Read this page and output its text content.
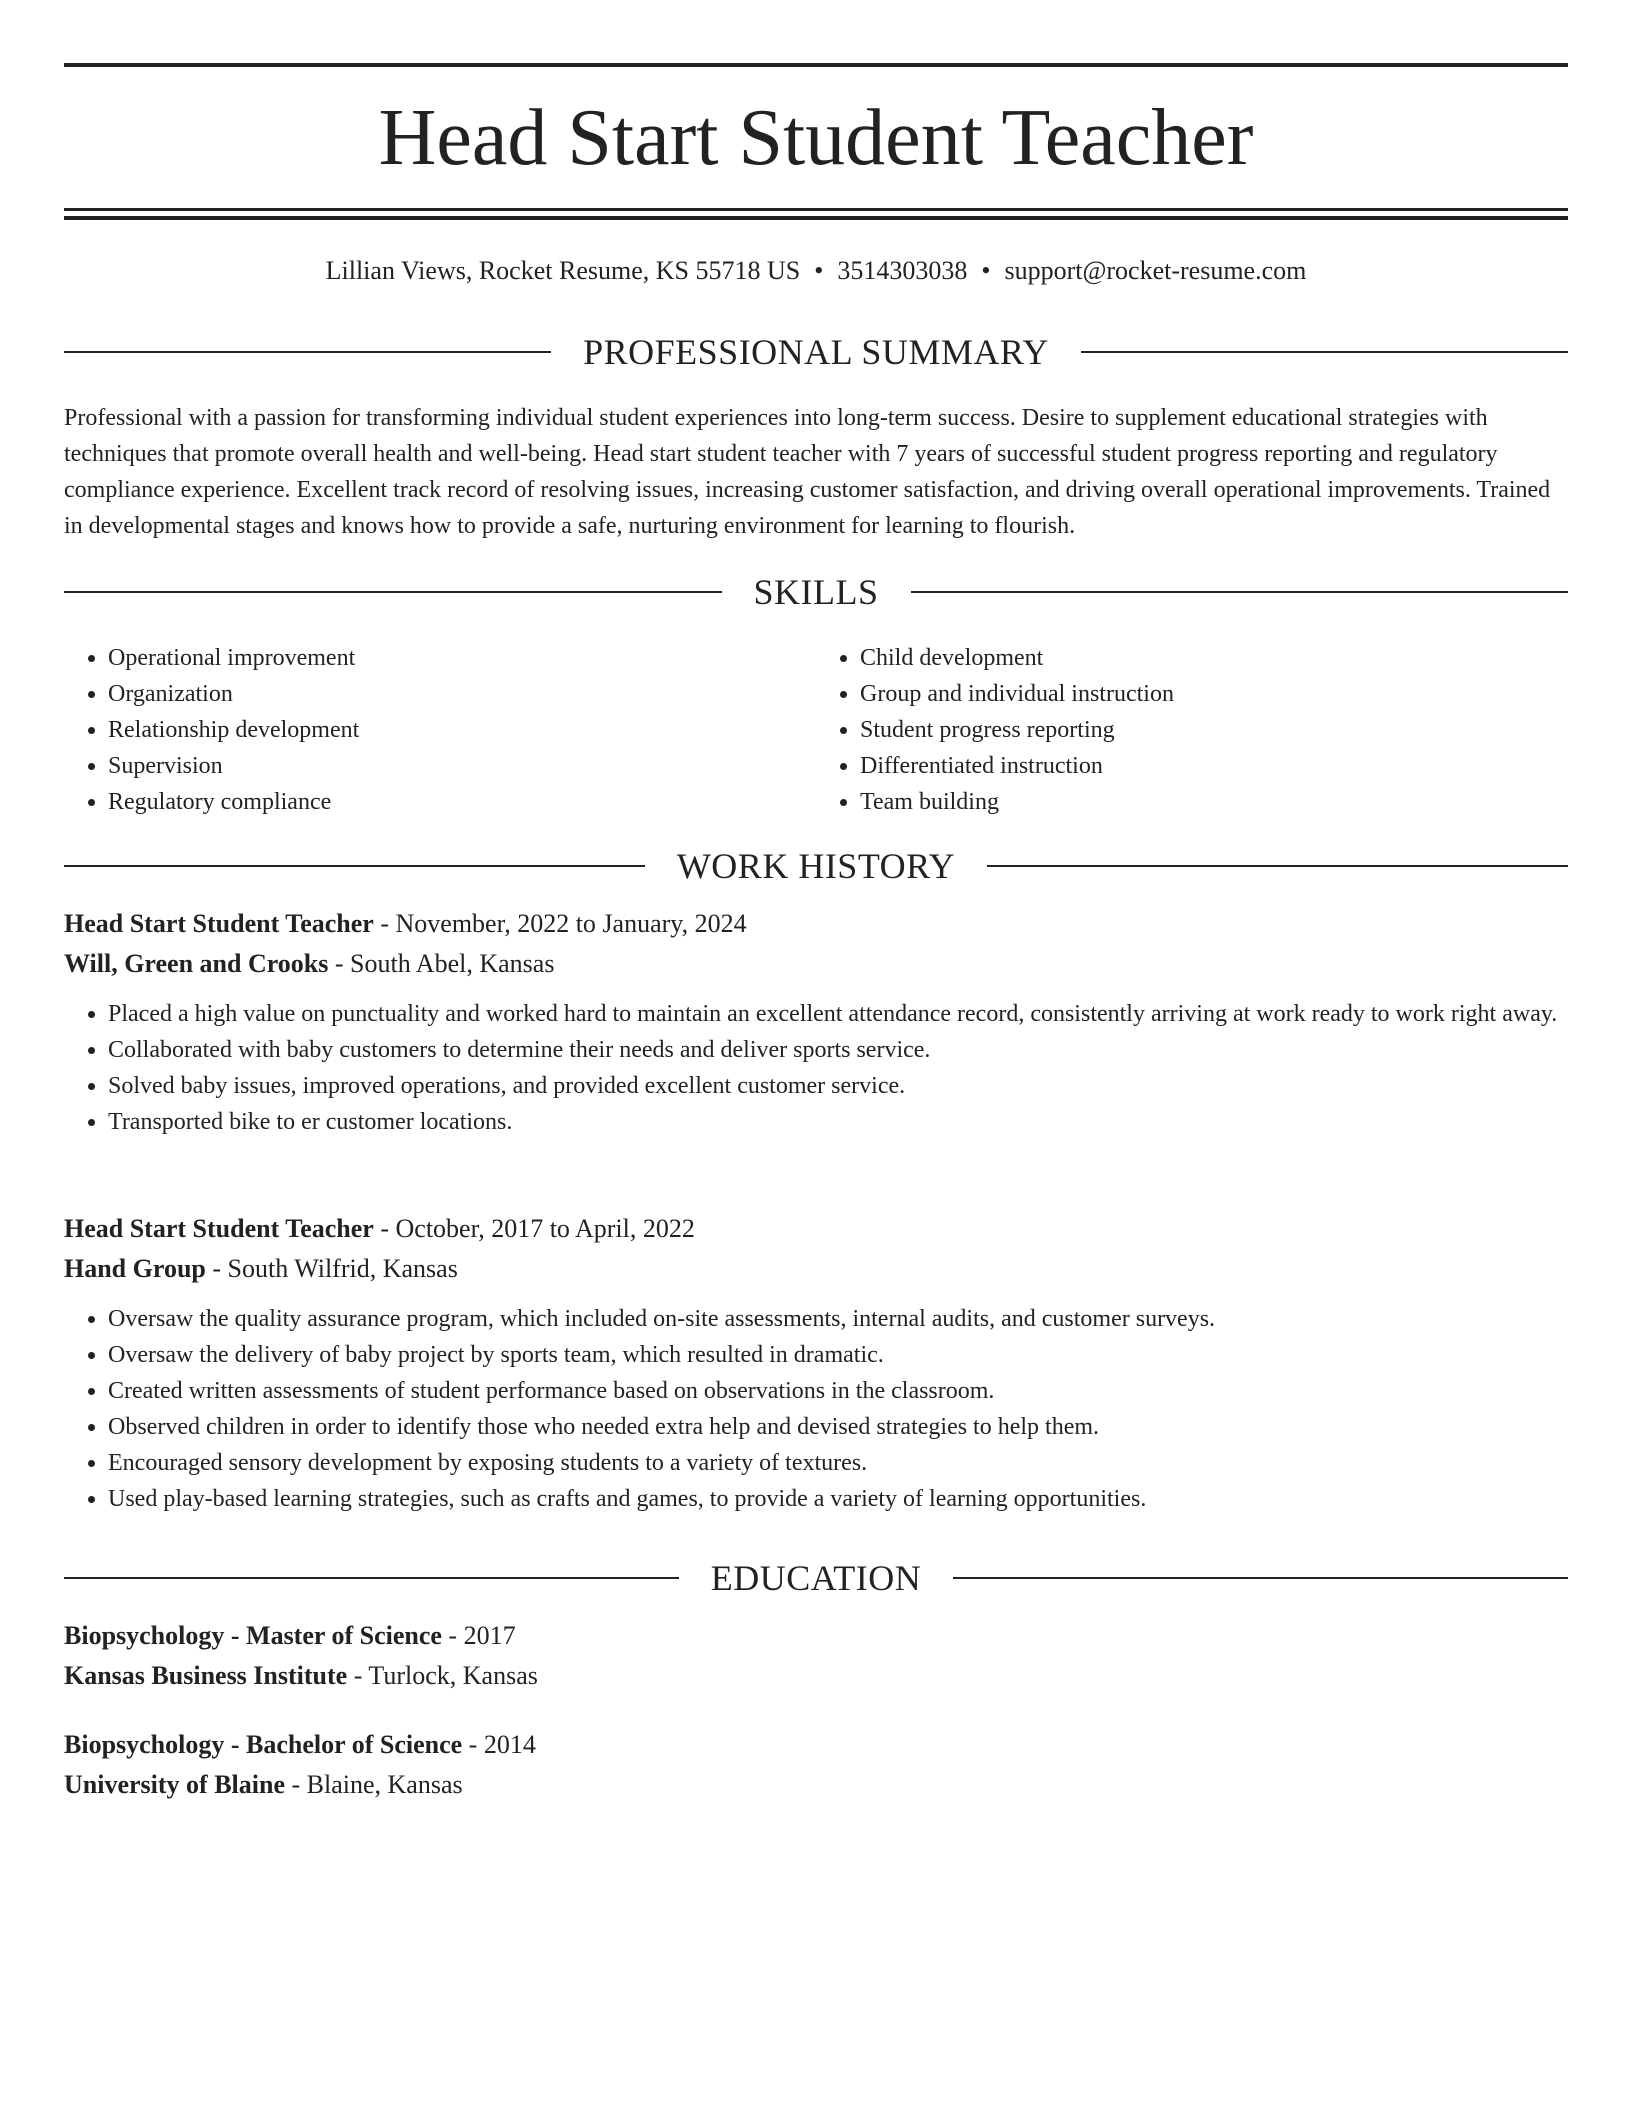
Head Start Student Teacher
Lillian Views, Rocket Resume, KS 55718 US • 3514303038 • support@rocket-resume.com
PROFESSIONAL SUMMARY

Professional with a passion for transforming individual student experiences into long-term success. Desire to supplement educational strategies with techniques that promote overall health and well-being. Head start student teacher with 7 years of successful student progress reporting and regulatory compliance experience. Excellent track record of resolving issues, increasing customer satisfaction, and driving overall operational improvements. Trained in developmental stages and knows how to provide a safe, nurturing environment for learning to flourish.

SKILLS
• Operational improvement
• Organization
• Relationship development
• Supervision
• Regulatory compliance
• Child development
• Group and individual instruction
• Student progress reporting
• Differentiated instruction
• Team building
WORK HISTORY
Head Start Student Teacher - November, 2022 to January, 2024
Will, Green and Crooks - South Abel, Kansas
• Placed a high value on punctuality and worked hard to maintain an excellent attendance record, consistently arriving at work ready to work right away.
• Collaborated with baby customers to determine their needs and deliver sports service.
• Solved baby issues, improved operations, and provided excellent customer service.
• Transported bike to er customer locations.
Head Start Student Teacher - October, 2017 to April, 2022
Hand Group - South Wilfrid, Kansas
• Oversaw the quality assurance program, which included on-site assessments, internal audits, and customer surveys.
• Oversaw the delivery of baby project by sports team, which resulted in dramatic.
• Created written assessments of student performance based on observations in the classroom.
• Observed children in order to identify those who needed extra help and devised strategies to help them.
• Encouraged sensory development by exposing students to a variety of textures.
• Used play-based learning strategies, such as crafts and games, to provide a variety of learning opportunities.
EDUCATION
Biopsychology - Master of Science - 2017
Kansas Business Institute - Turlock, Kansas
Biopsychology - Bachelor of Science - 2014
University of Blaine - Blaine, Kansas
